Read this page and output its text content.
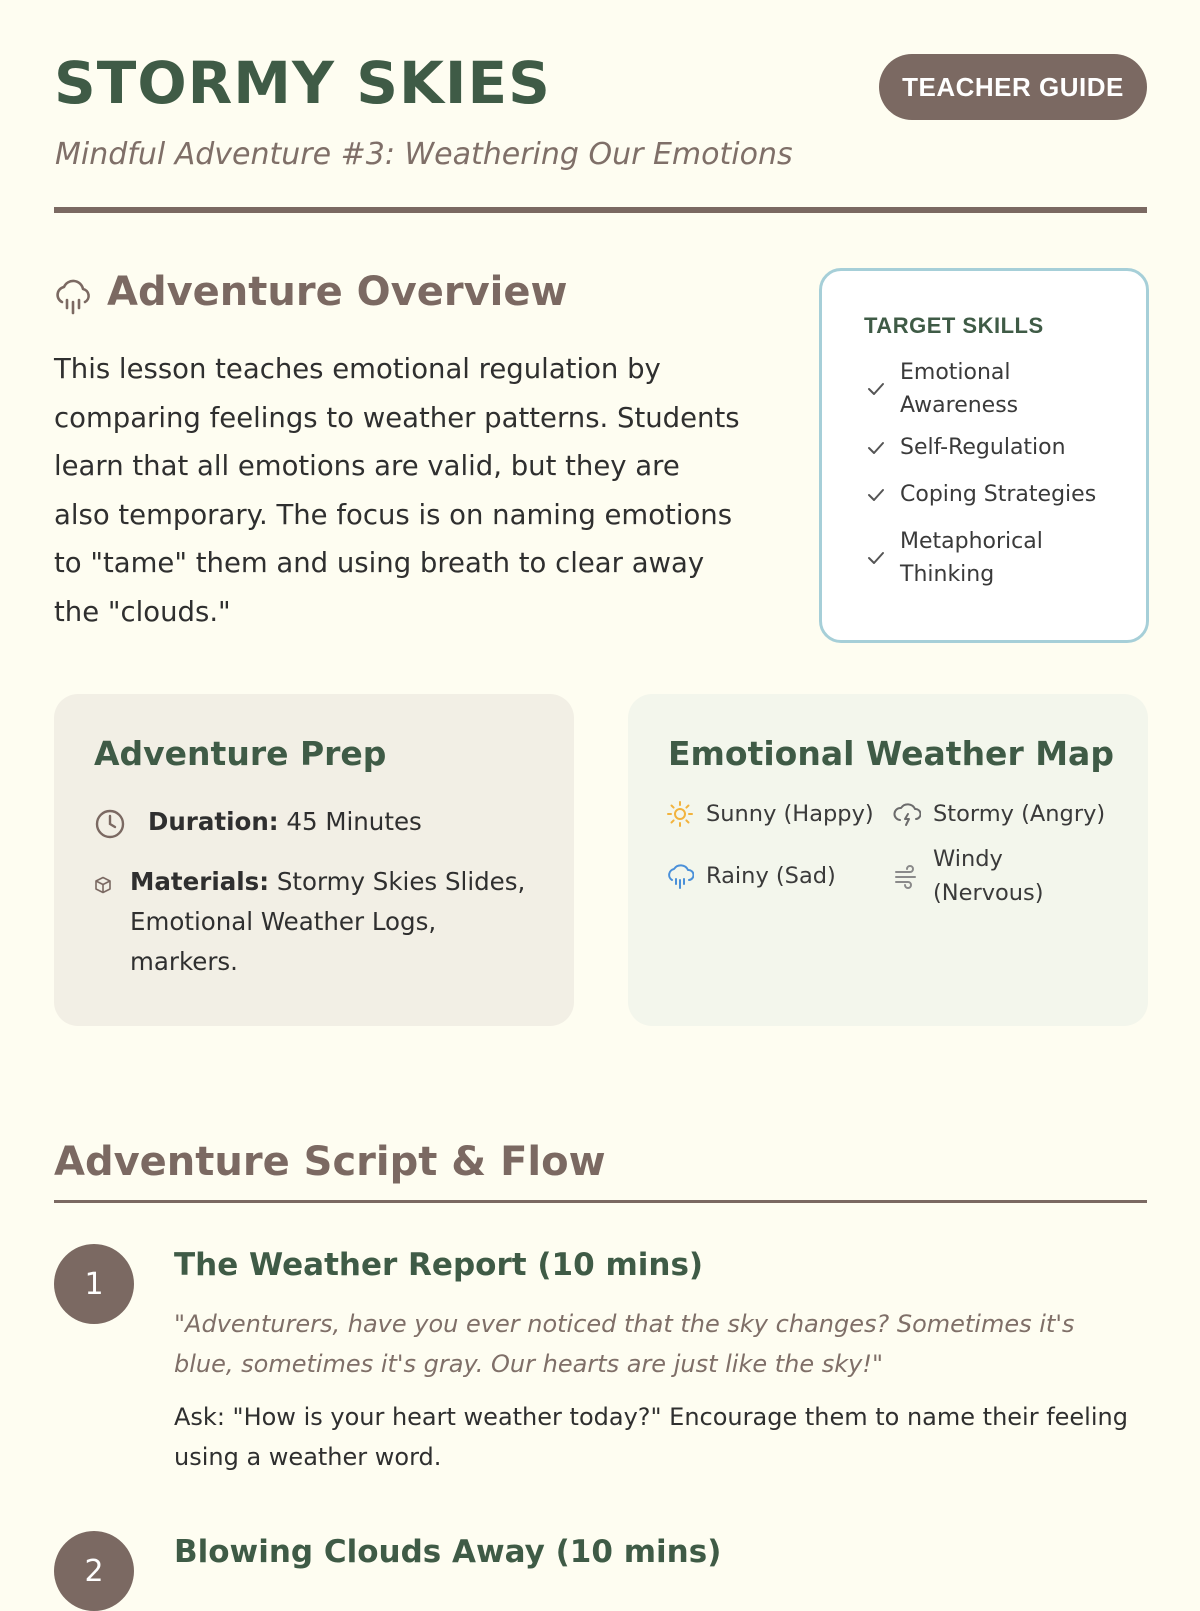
STORMY SKIES

Mindful Adventure #3: Weathering Our Emotions

TEACHER GUIDE
Adventure Overview

This lesson teaches emotional regulation by comparing feelings to weather patterns. Students learn that all emotions are valid, but they are also temporary. The focus is on naming emotions to "tame" them and using breath to clear away the "clouds."

TARGET SKILLS
Emotional Awareness
Self-Regulation
Coping Strategies
Metaphorical Thinking
Adventure Prep
Duration: 45 Minutes
Materials: Stormy Skies Slides, Emotional Weather Logs, markers.
Emotional Weather Map
Sunny (Happy)	Stormy (Angry)
Rainy (Sad)
Windy (Nervous)
Adventure Script & Flow
1
The Weather Report (10 mins)

"Adventurers, have you ever noticed that the sky changes? Sometimes it's blue, sometimes it's gray. Our hearts are just like the sky!"

Ask: "How is your heart weather today?" Encourage them to name their feeling using a weather word.

2
Blowing Clouds Away (10 mins)
